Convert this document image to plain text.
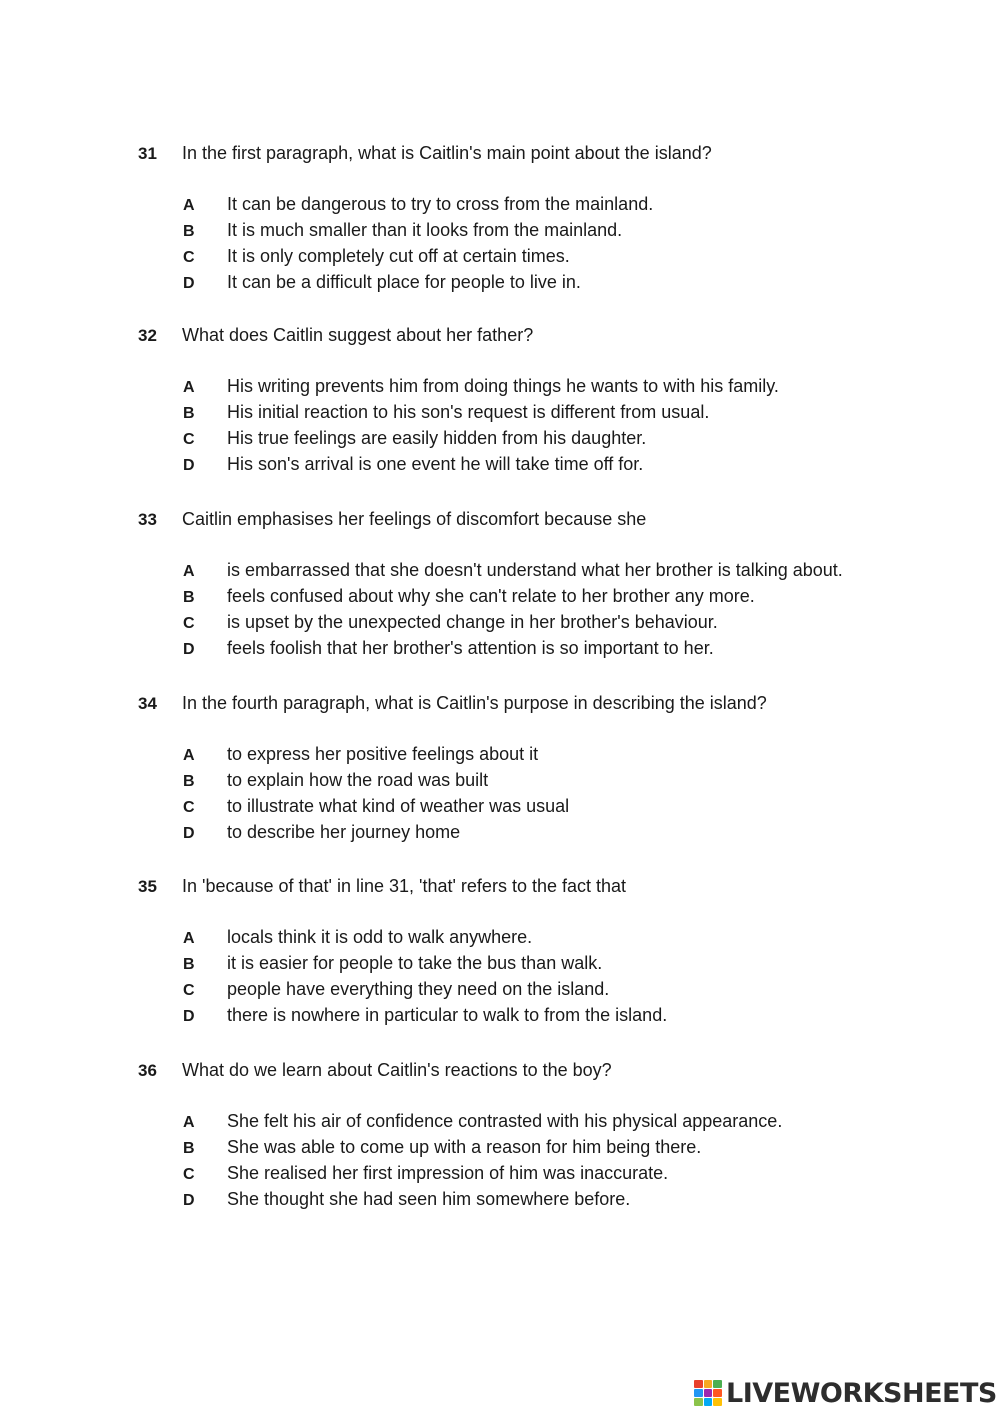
31	In the first paragraph, what is Caitlin's main point about the island?
A	It can be dangerous to try to cross from the mainland.
B	It is much smaller than it looks from the mainland.
C	It is only completely cut off at certain times.
D	It can be a difficult place for people to live in.
32	What does Caitlin suggest about her father?
A	His writing prevents him from doing things he wants to with his family.
B	His initial reaction to his son's request is different from usual.
C	His true feelings are easily hidden from his daughter.
D	His son's arrival is one event he will take time off for.
33	Caitlin emphasises her feelings of discomfort because she
A	is embarrassed that she doesn't understand what her brother is talking about.
B	feels confused about why she can't relate to her brother any more.
C	is upset by the unexpected change in her brother's behaviour.
D	feels foolish that her brother's attention is so important to her.
34	In the fourth paragraph, what is Caitlin's purpose in describing the island?
A	to express her positive feelings about it
B	to explain how the road was built
C	to illustrate what kind of weather was usual
D	to describe her journey home
35	In 'because of that' in line 31, 'that' refers to the fact that
A	locals think it is odd to walk anywhere.
B	it is easier for people to take the bus than walk.
C	people have everything they need on the island.
D	there is nowhere in particular to walk to from the island.
36	What do we learn about Caitlin's reactions to the boy?
A	She felt his air of confidence contrasted with his physical appearance.
B	She was able to come up with a reason for him being there.
C	She realised her first impression of him was inaccurate.
D	She thought she had seen him somewhere before.
LIVEWORKSHEETS
